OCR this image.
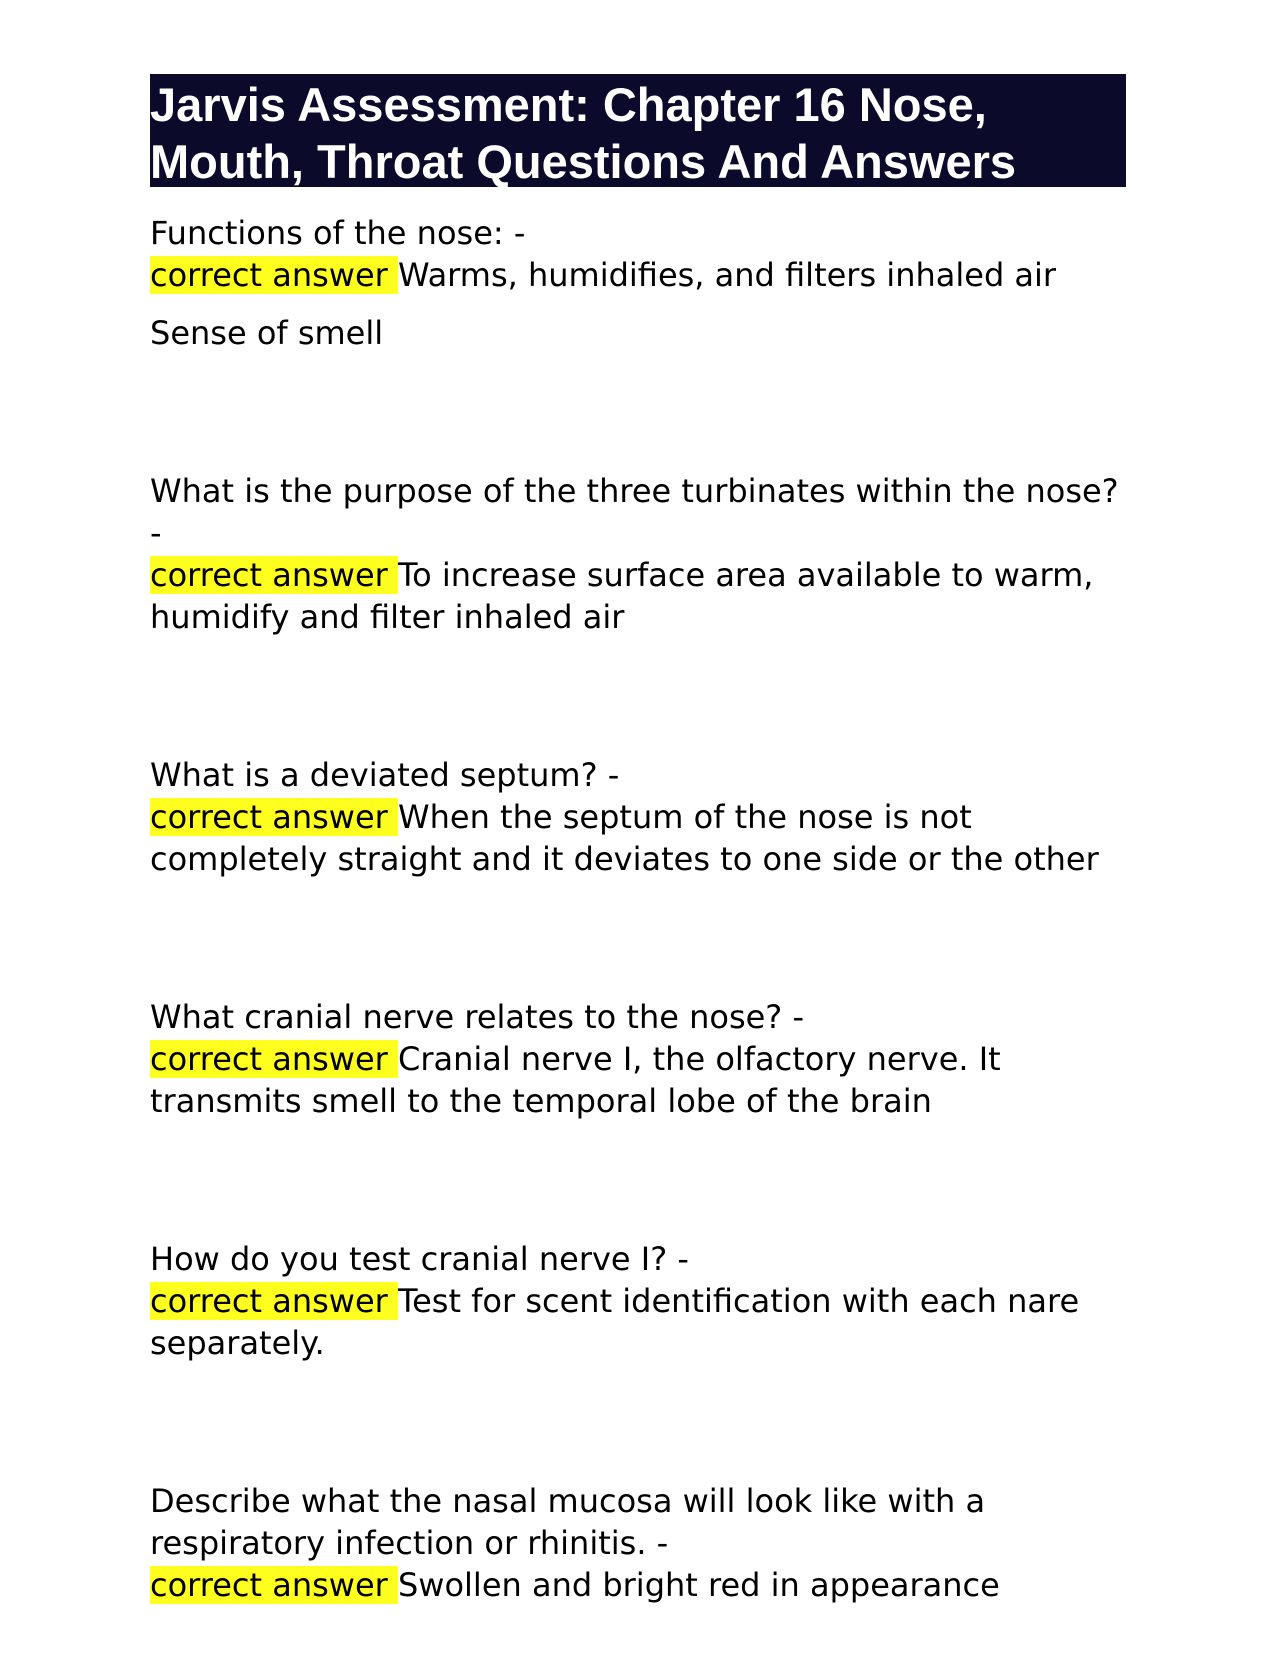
Jarvis Assessment: Chapter 16 Nose, Mouth, Throat Questions And Answers

Functions of the nose: -

correct answer Warms, humidifies, and filters inhaled air

Sense of smell

What is the purpose of the three turbinates within the nose? -

correct answer To increase surface area available to warm, humidify and filter inhaled air

What is a deviated septum? -

correct answer When the septum of the nose is not completely straight and it deviates to one side or the other

What cranial nerve relates to the nose? -

correct answer Cranial nerve I, the olfactory nerve. It transmits smell to the temporal lobe of the brain

How do you test cranial nerve I? -

correct answer Test for scent identification with each nare separately.

Describe what the nasal mucosa will look like with a respiratory infection or rhinitis. -

correct answer Swollen and bright red in appearance
